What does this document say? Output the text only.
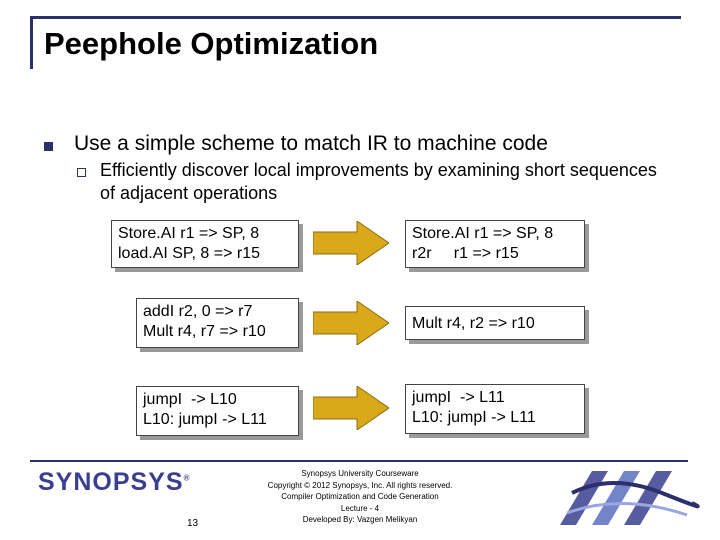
Peephole Optimization
Use a simple scheme to match IR to machine code
Efficiently discover local improvements by examining short sequences of adjacent operations
Store.AI r1 => SP, 8
load.AI SP, 8 => r15
Store.AI r1 => SP, 8
r2r     r1 => r15
addI r2, 0 => r7
Mult r4, r7 => r10	Mult r4, r2 => r10
jumpI  -> L10
L10: jumpI -> L11
jumpI  -> L11
L10: jumpI -> L11
SYNOPSYS®
13
Synopsys University Courseware
Copyright © 2012 Synopsys, Inc. All rights reserved.
Compiler Optimization and Code Generation
Lecture - 4
Developed By: Vazgen Melikyan
